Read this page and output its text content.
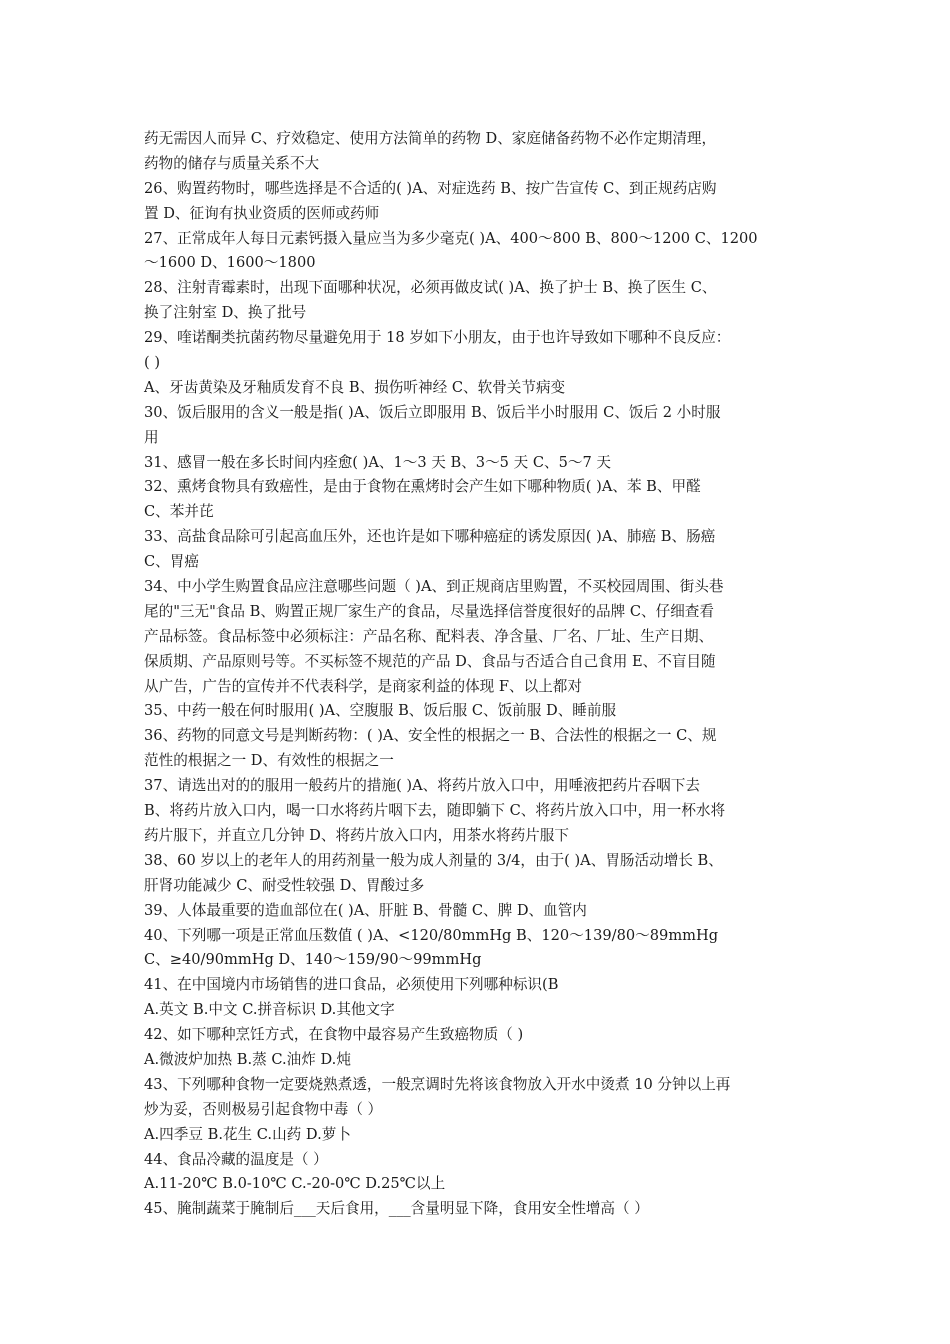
药无需因人而异 C、疗效稳定、使用方法简单的药物 D、家庭储备药物不必作定期清理，
药物的储存与质量关系不大
26、购置药物时，哪些选择是不合适的( )A、对症选药 B、按广告宣传 C、到正规药店购
置 D、征询有执业资质的医师或药师
27、正常成年人每日元素钙摄入量应当为多少毫克( )A、400～800 B、800～1200 C、1200
～1600 D、1600～1800
28、注射青霉素时，出现下面哪种状况，必须再做皮试( )A、换了护士 B、换了医生 C、
换了注射室 D、换了批号
29、喹诺酮类抗菌药物尽量避免用于 18 岁如下小朋友，由于也许导致如下哪种不良反应：
( )
A、牙齿黄染及牙釉质发育不良 B、损伤听神经 C、软骨关节病变
30、饭后服用的含义一般是指( )A、饭后立即服用 B、饭后半小时服用 C、饭后 2 小时服
用
31、感冒一般在多长时间内痊愈( )A、1～3 天 B、3～5 天 C、5～7 天
32、熏烤食物具有致癌性，是由于食物在熏烤时会产生如下哪种物质( )A、苯 B、甲醛
C、苯并芘
33、高盐食品除可引起高血压外，还也许是如下哪种癌症的诱发原因( )A、肺癌 B、肠癌
C、胃癌
34、中小学生购置食品应注意哪些问题（ )A、到正规商店里购置，不买校园周围、街头巷
尾的"三无"食品 B、购置正规厂家生产的食品，尽量选择信誉度很好的品牌 C、仔细查看
产品标签。食品标签中必须标注：产品名称、配料表、净含量、厂名、厂址、生产日期、
保质期、产品原则号等。不买标签不规范的产品 D、食品与否适合自己食用 E、不盲目随
从广告，广告的宣传并不代表科学，是商家利益的体现 F、以上都对
35、中药一般在何时服用( )A、空腹服 B、饭后服 C、饭前服 D、睡前服
36、药物的同意文号是判断药物：( )A、安全性的根据之一 B、合法性的根据之一 C、规
范性的根据之一 D、有效性的根据之一
37、请选出对的的服用一般药片的措施( )A、将药片放入口中，用唾液把药片吞咽下去
B、将药片放入口内，喝一口水将药片咽下去，随即躺下 C、将药片放入口中，用一杯水将
药片服下，并直立几分钟 D、将药片放入口内，用茶水将药片服下
38、60 岁以上的老年人的用药剂量一般为成人剂量的 3/4，由于( )A、胃肠活动增长 B、
肝肾功能减少 C、耐受性较强 D、胃酸过多
39、人体最重要的造血部位在( )A、肝脏 B、骨髓 C、脾 D、血管内
40、下列哪一项是正常血压数值 ( )A、<120/80mmHg B、120～139/80～89mmHg
C、≥40/90mmHg D、140～159/90～99mmHg
41、在中国境内市场销售的进口食品，必须使用下列哪种标识(B
A.英文 B.中文 C.拼音标识 D.其他文字
42、如下哪种烹饪方式，在食物中最容易产生致癌物质（ )
A.微波炉加热 B.蒸 C.油炸 D.炖
43、下列哪种食物一定要烧熟煮透，一般烹调时先将该食物放入开水中烫煮 10 分钟以上再
炒为妥，否则极易引起食物中毒（ ）
A.四季豆 B.花生 C.山药 D.萝卜
44、食品冷藏的温度是（ ）
A.11-20℃ B.0-10℃ C.-20-0℃ D.25℃以上
45、腌制蔬菜于腌制后___天后食用，___含量明显下降，食用安全性增高（ ）
